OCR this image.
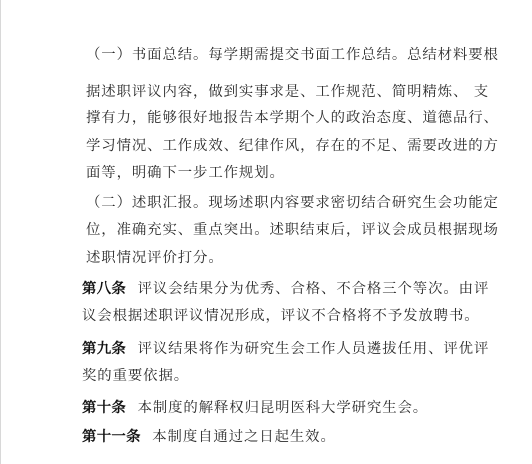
（一）书面总结。每学期需提交书面工作总结。总结材料要根
据述职评议内容，做到实事求是、工作规范、简明精炼、 支
撑有力，能够很好地报告本学期个人的政治态度、道德品行、
学习情况、工作成效、纪律作风，存在的不足、需要改进的方
面等，明确下一步工作规划。
（二）述职汇报。现场述职内容要求密切结合研究生会功能定
位，准确充实、重点突出。述职结束后，评议会成员根据现场
述职情况评价打分。
第八条 评议会结果分为优秀、合格、不合格三个等次。由评
议会根据述职评议情况形成，评议不合格将不予发放聘书。
第九条 评议结果将作为研究生会工作人员遴拔任用、评优评
奖的重要依据。
第十条 本制度的解释权归昆明医科大学研究生会。
第十一条 本制度自通过之日起生效。
